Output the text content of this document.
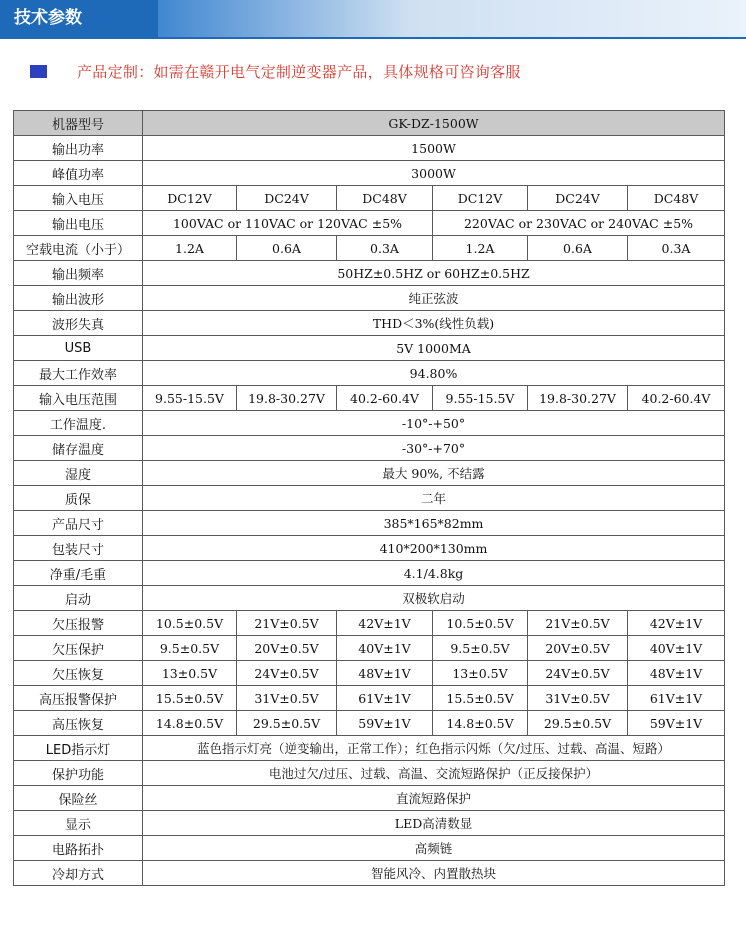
技术参数
产品定制：如需在赣开电气定制逆变器产品，具体规格可咨询客服
机器型号	GK-DZ-1500W					
输出功率	1500W					
峰值功率	3000W					
输入电压	DC12V	DC24V	DC48V	DC12V	DC24V	DC48V
输出电压	100VAC or 110VAC or 120VAC ±5%			220VAC or 230VAC or 240VAC ±5%		
空载电流（小于）	1.2A	0.6A	0.3A	1.2A	0.6A	0.3A
输出频率	50HZ±0.5HZ or 60HZ±0.5HZ					
输出波形	纯正弦波					
波形失真	THD＜3%(线性负载)					
USB	5V 1000MA					
最大工作效率	94.80%					
输入电压范围	9.55-15.5V	19.8-30.27V	40.2-60.4V	9.55-15.5V	19.8-30.27V	40.2-60.4V
工作温度.	-10°-+50°					
储存温度	-30°-+70°					
湿度	最大 90%, 不结露					
质保	二年					
产品尺寸	385*165*82mm					
包装尺寸	410*200*130mm					
净重/毛重	4.1/4.8kg					
启动	双极软启动					
欠压报警	10.5±0.5V	21V±0.5V	42V±1V	10.5±0.5V	21V±0.5V	42V±1V
欠压保护	9.5±0.5V	20V±0.5V	40V±1V	9.5±0.5V	20V±0.5V	40V±1V
欠压恢复	13±0.5V	24V±0.5V	48V±1V	13±0.5V	24V±0.5V	48V±1V
高压报警保护	15.5±0.5V	31V±0.5V	61V±1V	15.5±0.5V	31V±0.5V	61V±1V
高压恢复	14.8±0.5V	29.5±0.5V	59V±1V	14.8±0.5V	29.5±0.5V	59V±1V
LED指示灯	蓝色指示灯亮（逆变输出，正常工作）；红色指示闪烁（欠/过压、过载、高温、短路）					
保护功能	电池过欠/过压、过载、高温、交流短路保护（正反接保护）					
保险丝	直流短路保护					
显示	LED高清数显					
电路拓扑	高频链					
冷却方式	智能风冷、内置散热块					
